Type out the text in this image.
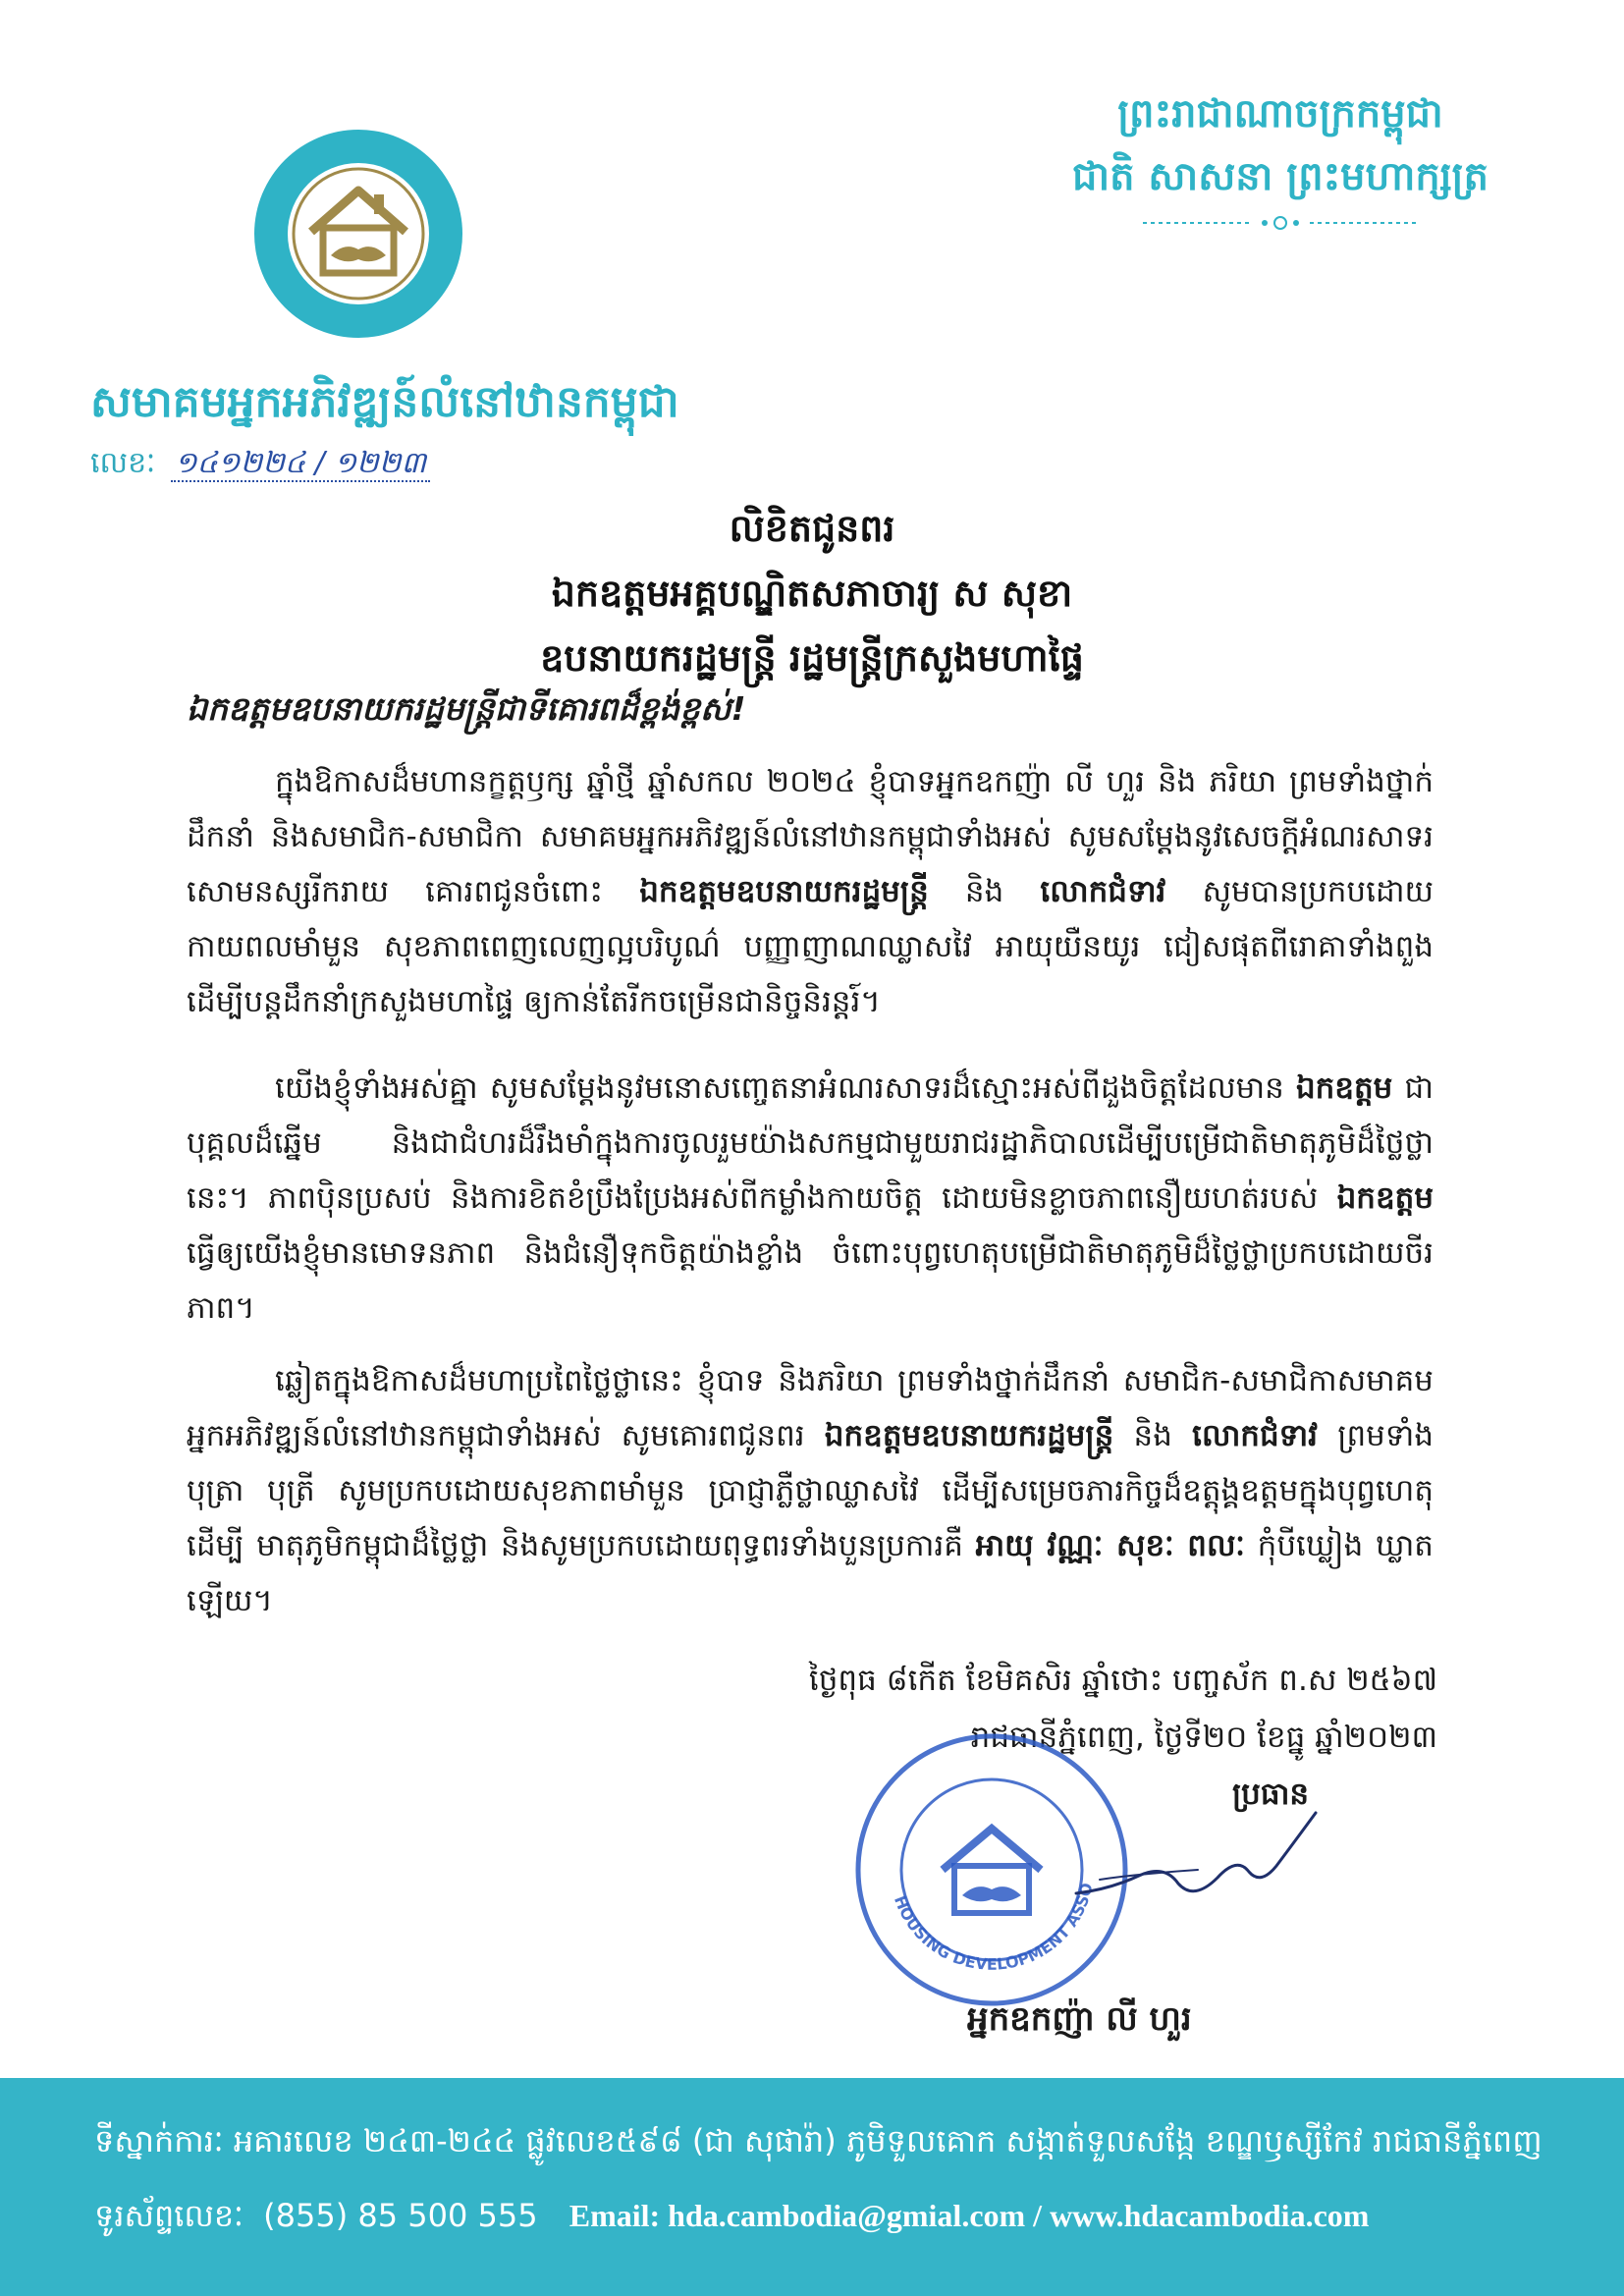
សមាគមអ្នកអភិវឌ្ឍន៍លំនៅឋានកម្ពុជា
លេខៈ ១៤១២២៤ / ១២២៣
ព្រះរាជាណាចក្រកម្ពុជា
ជាតិ សាសនា ព្រះមហាក្សត្រ
លិខិតជូនពរ
ឯកឧត្តមអគ្គបណ្ឌិតសភាចារ្យ ស សុខា
ឧបនាយករដ្ឋមន្ត្រី រដ្ឋមន្ត្រីក្រសួងមហាផ្ទៃ
ឯកឧត្តមឧបនាយករដ្ឋមន្ត្រីជាទីគោរពដ៏ខ្ពង់ខ្ពស់!
ក្នុងឱកាសដ៏មហានក្ខត្តឫក្ស ឆ្នាំថ្មី ឆ្នាំសកល ២០២៤ ខ្ញុំបាទអ្នកឧកញ៉ា លី ហួរ និង ភរិយា ព្រមទាំងថ្នាក់ដឹកនាំ និងសមាជិក-សមាជិកា សមាគមអ្នកអភិវឌ្ឍន៍លំនៅឋានកម្ពុជាទាំងអស់ សូមសម្តែងនូវសេចក្តីអំណរសាទរ សោមនស្សរីករាយ គោរពជូនចំពោះ ឯកឧត្តមឧបនាយករដ្ឋមន្ត្រី និង លោកជំទាវ សូមបានប្រកបដោយកាយពលមាំមួន សុខភាពពេញលេញល្អបរិបូណ៌ បញ្ញាញាណឈ្លាសវៃ អាយុយឺនយូរ ជៀសផុតពីរោគាទាំងពួង ដើម្បីបន្តដឹកនាំក្រសួងមហាផ្ទៃ ឲ្យកាន់តែរីកចម្រើនជានិច្ចនិរន្តរ៍។
យើងខ្ញុំទាំងអស់គ្នា សូមសម្តែងនូវមនោសញ្ចេតនាអំណរសាទរដ៏ស្មោះអស់ពីដួងចិត្តដែលមាន ឯកឧត្តម ជាបុគ្គលដ៏ឆ្នើម និងជាជំហរដ៏រឹងមាំក្នុងការចូលរួមយ៉ាងសកម្មជាមួយរាជរដ្ឋាភិបាលដើម្បីបម្រើជាតិមាតុភូមិដ៏ថ្លៃថ្លានេះ។ ភាពប៉ិនប្រសប់ និងការខិតខំប្រឹងប្រែងអស់ពីកម្លាំងកាយចិត្ត ដោយមិនខ្លាចភាពនឿយហត់របស់ ឯកឧត្តម ធ្វើឲ្យយើងខ្ញុំមានមោទនភាព និងជំនឿទុកចិត្តយ៉ាងខ្លាំង ចំពោះបុព្វហេតុបម្រើជាតិមាតុភូមិដ៏ថ្លៃថ្លាប្រកបដោយចីរភាព។
ឆ្លៀតក្នុងឱកាសដ៏មហាប្រពៃថ្លៃថ្លានេះ ខ្ញុំបាទ និងភរិយា ព្រមទាំងថ្នាក់ដឹកនាំ សមាជិក-សមាជិកាសមាគមអ្នកអភិវឌ្ឍន៍លំនៅឋានកម្ពុជាទាំងអស់ សូមគោរពជូនពរ ឯកឧត្តមឧបនាយករដ្ឋមន្ត្រី និង លោកជំទាវ ព្រមទាំងបុត្រា បុត្រី សូមប្រកបដោយសុខភាពមាំមួន ប្រាជ្ញាភ្លឺថ្លាឈ្លាសវៃ ដើម្បីសម្រេចភារកិច្ចដ៏ឧត្តុង្គឧត្តមក្នុងបុព្វហេតុដើម្បី មាតុភូមិកម្ពុជាដ៏ថ្លៃថ្លា និងសូមប្រកបដោយពុទ្ធពរទាំងបួនប្រការគឺ អាយុ វណ្ណៈ សុខៈ ពលៈ កុំបីឃ្លៀង ឃ្លាតឡើយ។
ថ្ងៃពុធ ៨កើត ខែមិគសិរ ឆ្នាំថោះ បញ្ចស័ក ព.ស ២៥៦៧
រាជធានីភ្នំពេញ, ថ្ងៃទី២០ ខែធ្នូ ឆ្នាំ២០២៣
ប្រធាន
HOUSING DEVELOPMENT ASSO
អ្នកឧកញ៉ា លី ហួរ
ទីស្នាក់ការៈ អគារលេខ ២៤៣-២៤៤ ផ្លូវលេខ៥៩៨ (ជា សុផារ៉ា) ភូមិទួលគោក សង្កាត់ទួលសង្កែ ខណ្ឌឫស្សីកែវ រាជធានីភ្នំពេញ
ទូរស័ព្ទលេខៈ (855) 85 500 555 Email: hda.cambodia@gmial.com / www.hdacambodia.com
